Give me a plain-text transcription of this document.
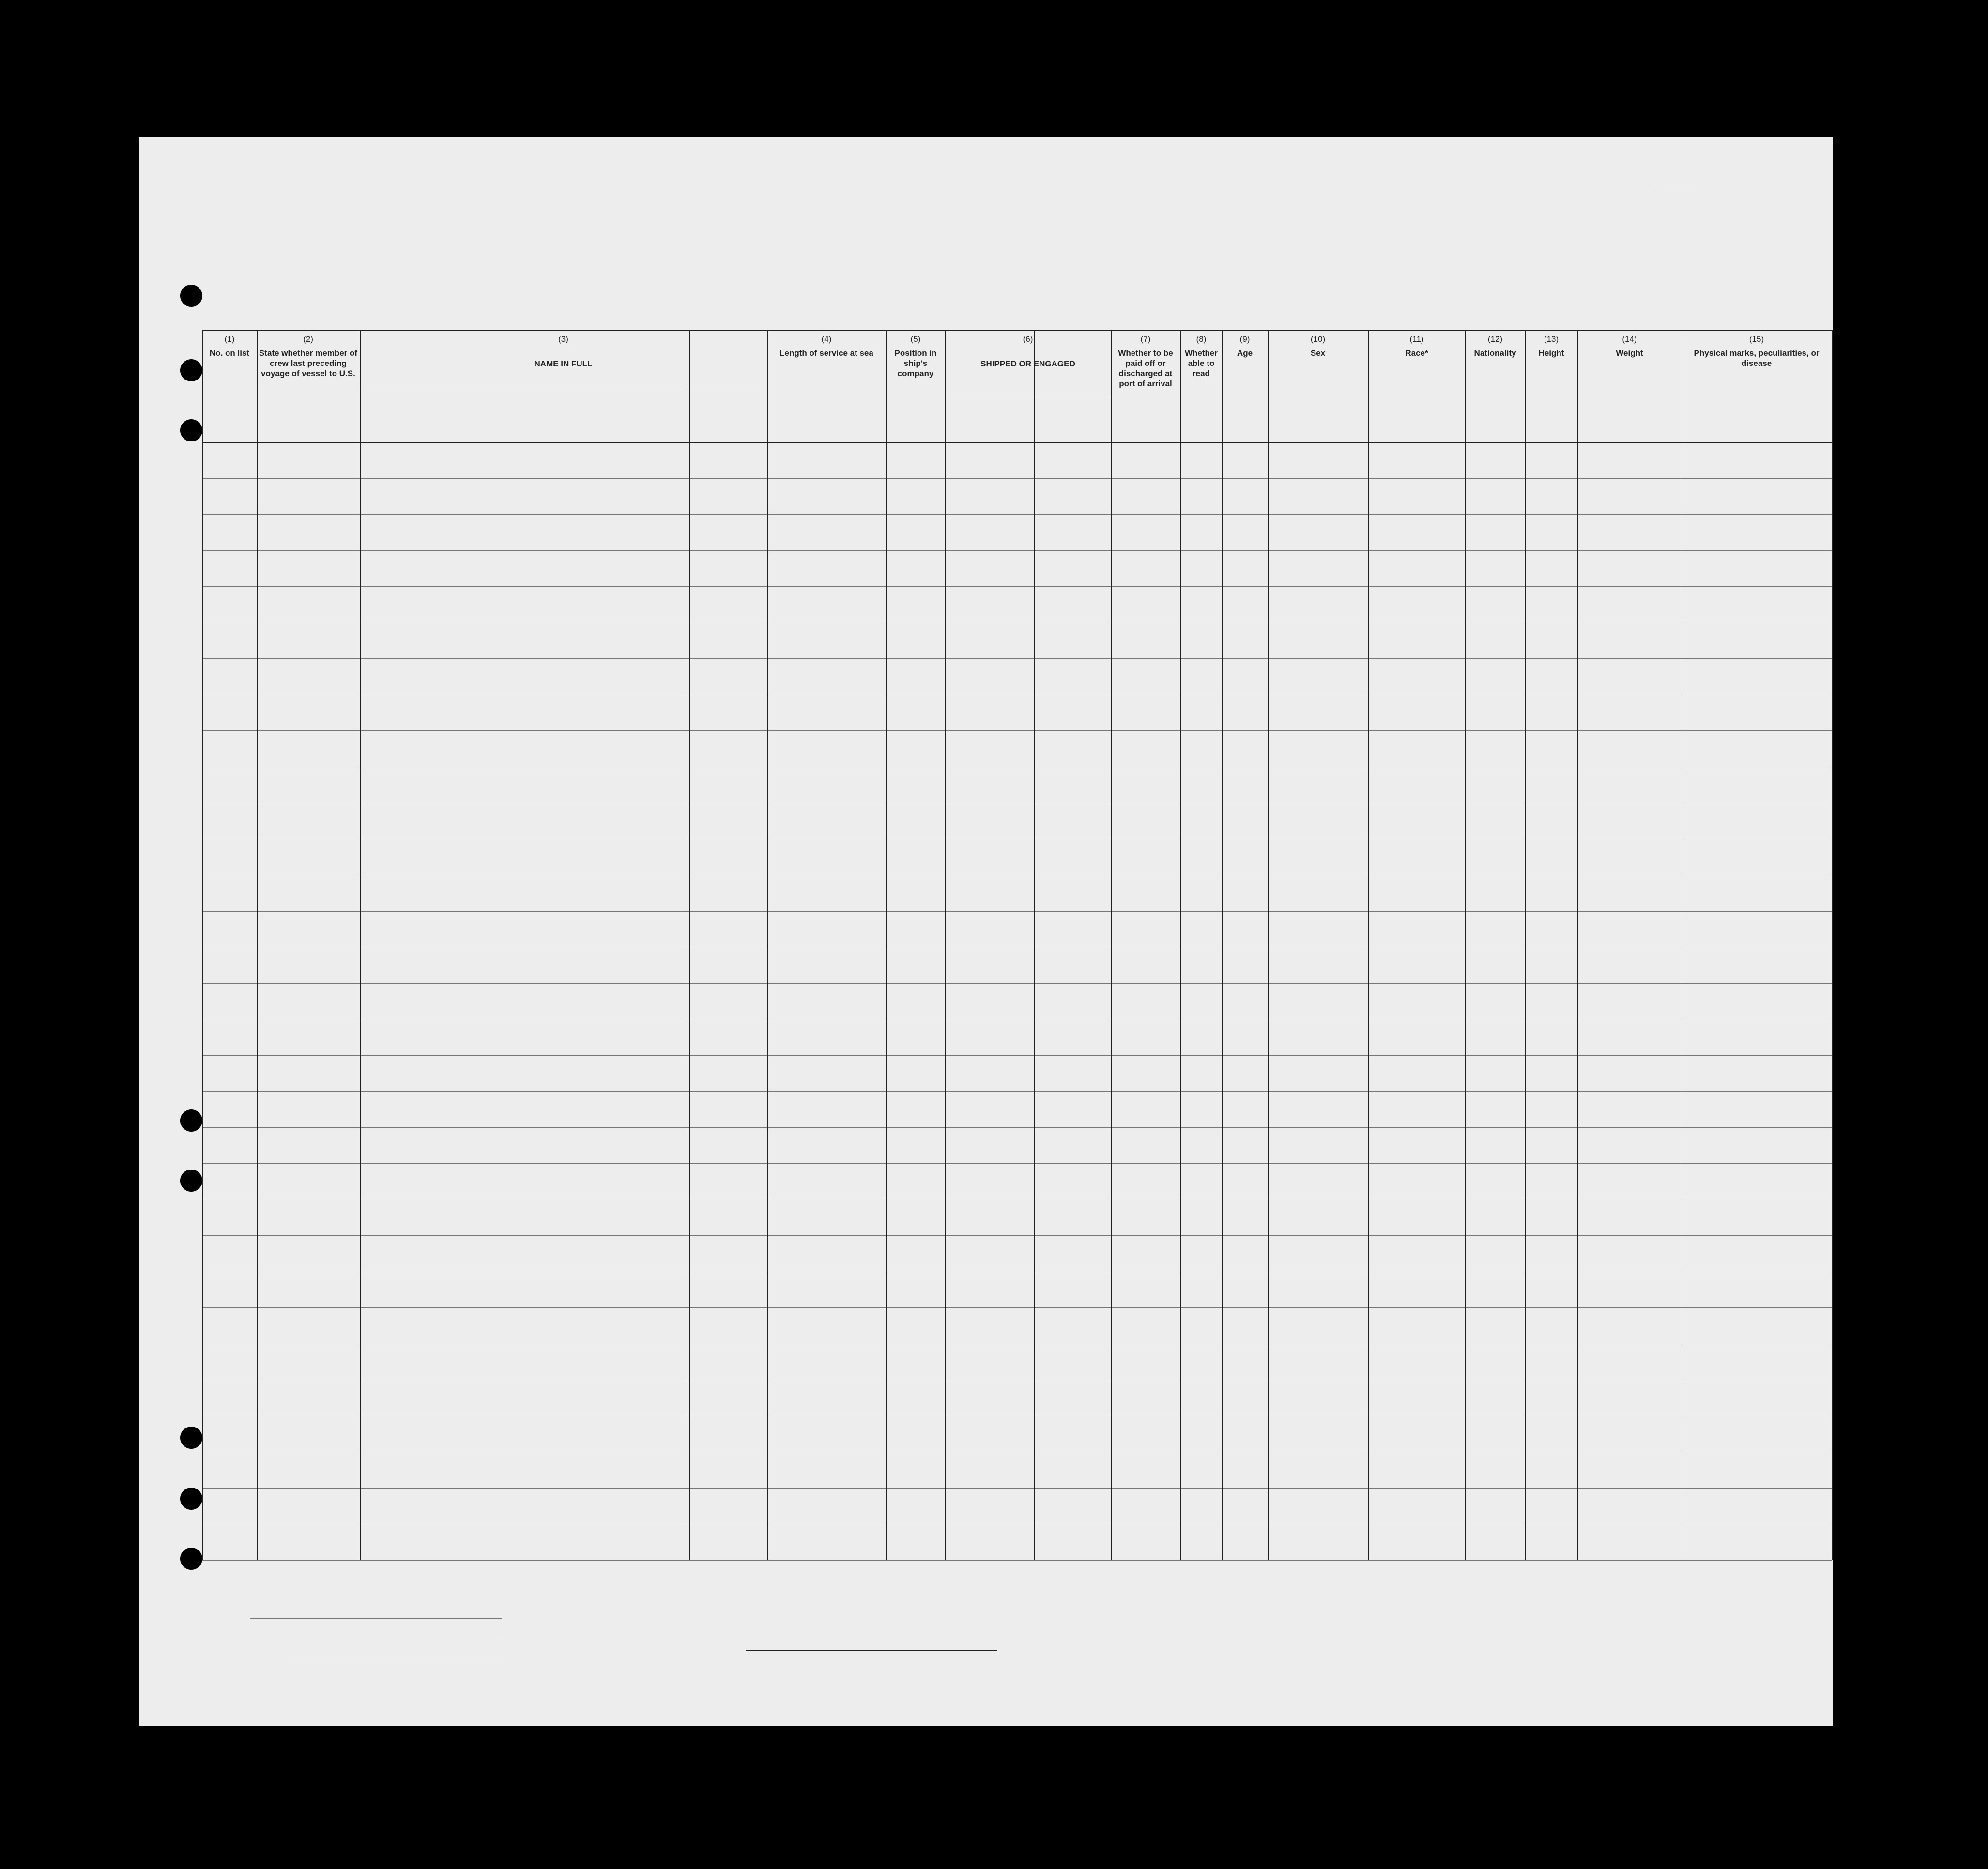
(1)
No. on list
(2)
State whether member of crew last preceding voyage of vessel to U.S.
(3)
NAME IN FULL
(4)
Length of service at sea
(5)
Position in ship's company
(6)
SHIPPED OR ENGAGED
(7)
Whether to be paid off or discharged at port of arrival
(8)
Whether able to read
(9)
Age
(10)
Sex
(11)
Race*
(12)
Nationality
(13)
Height
(14)
Weight
(15)
Physical marks, peculiarities, or disease
